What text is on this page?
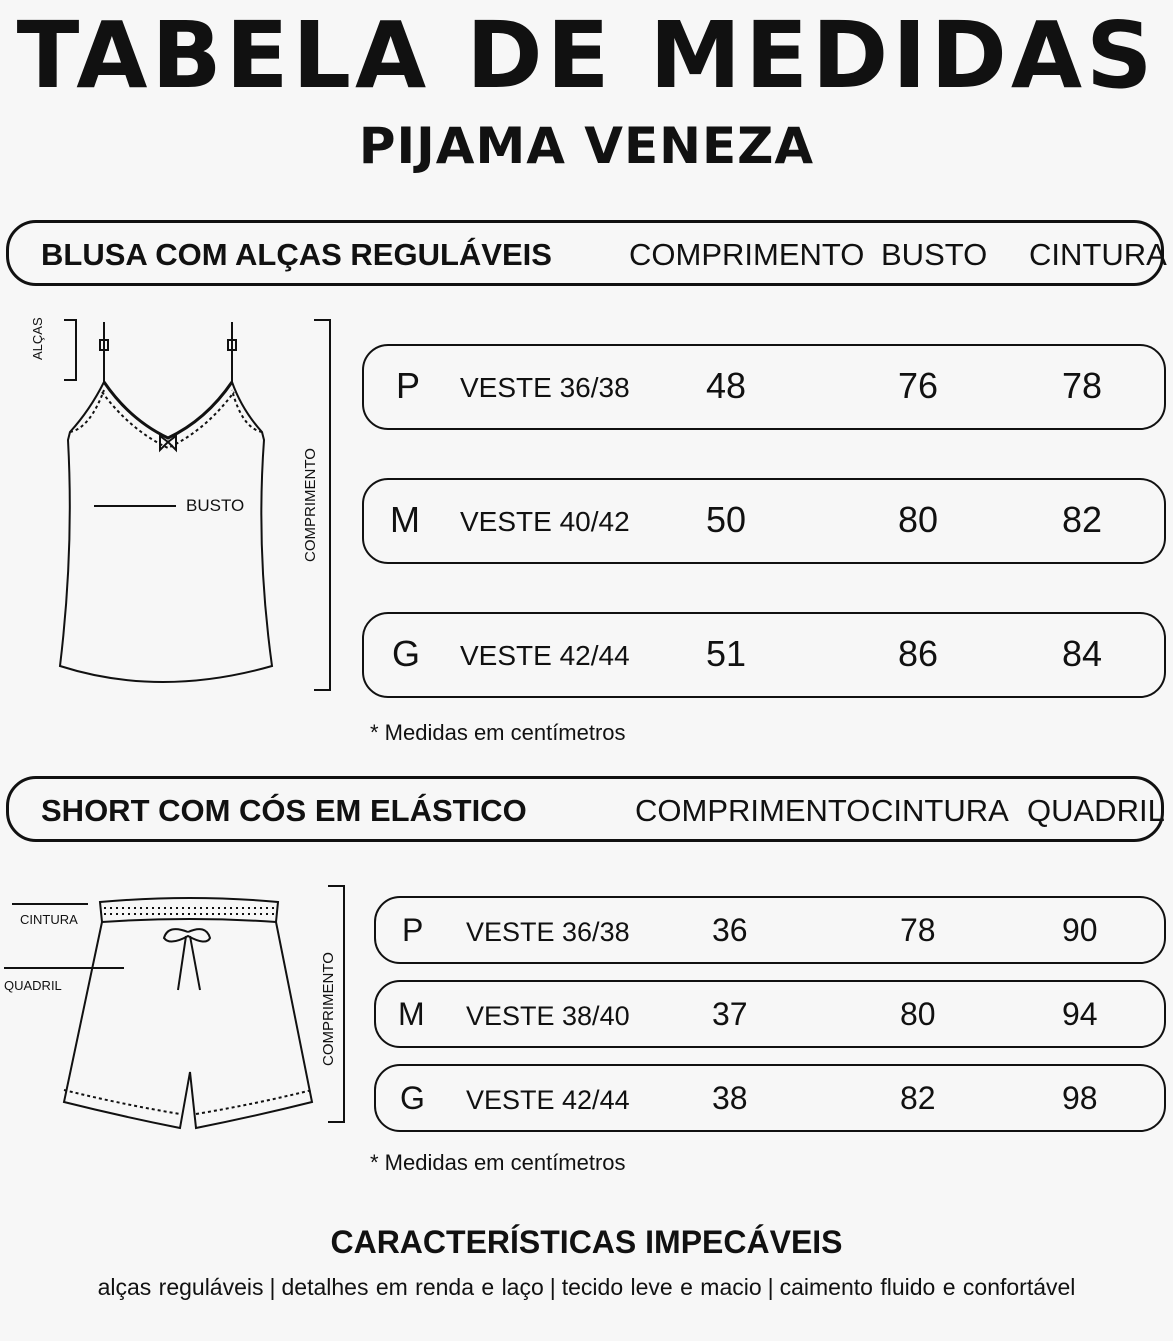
TABELA DE MEDIDAS
PIJAMA VENEZA
BLUSA COM ALÇAS REGULÁVEIS COMPRIMENTO BUSTO CINTURA
ALÇAS
BUSTO	COMPRIMENTO
P VESTE 36/38 48	76	78
M VESTE 40/42 50	80	82
G VESTE 42/44 51	86	84
* Medidas em centímetros
SHORT COM CÓS EM ELÁSTICO	COMPRIMENTO CINTURA QUADRIL
CINTURA
QUADRIL	COMPRIMENTO
P VESTE 36/38	36	78	90
M VESTE 38/40	37	80	94
G VESTE 42/44	38	82	98
* Medidas em centímetros
CARACTERÍSTICAS IMPECÁVEIS
alças reguláveis | detalhes em renda e laço | tecido leve e macio | caimento fluido e confortável
